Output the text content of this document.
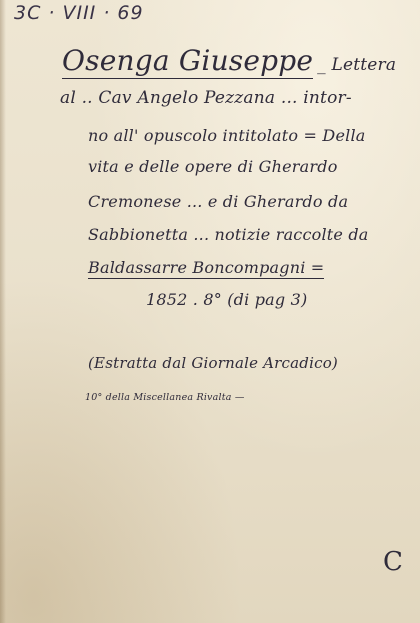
3C · VIII · 69
Osenga Giuseppe _ Lettera
al .. Cav Angelo Pezzana ... intor-
no all' opuscolo intitolato = Della
vita e delle opere di Gherardo
Cremonese ... e di Gherardo da
Sabbionetta ... notizie raccolte da
Baldassarre Boncompagni =
1852 . 8° (di pag 3)
(Estratta dal Giornale Arcadico)
10° della Miscellanea Rivalta —
C
